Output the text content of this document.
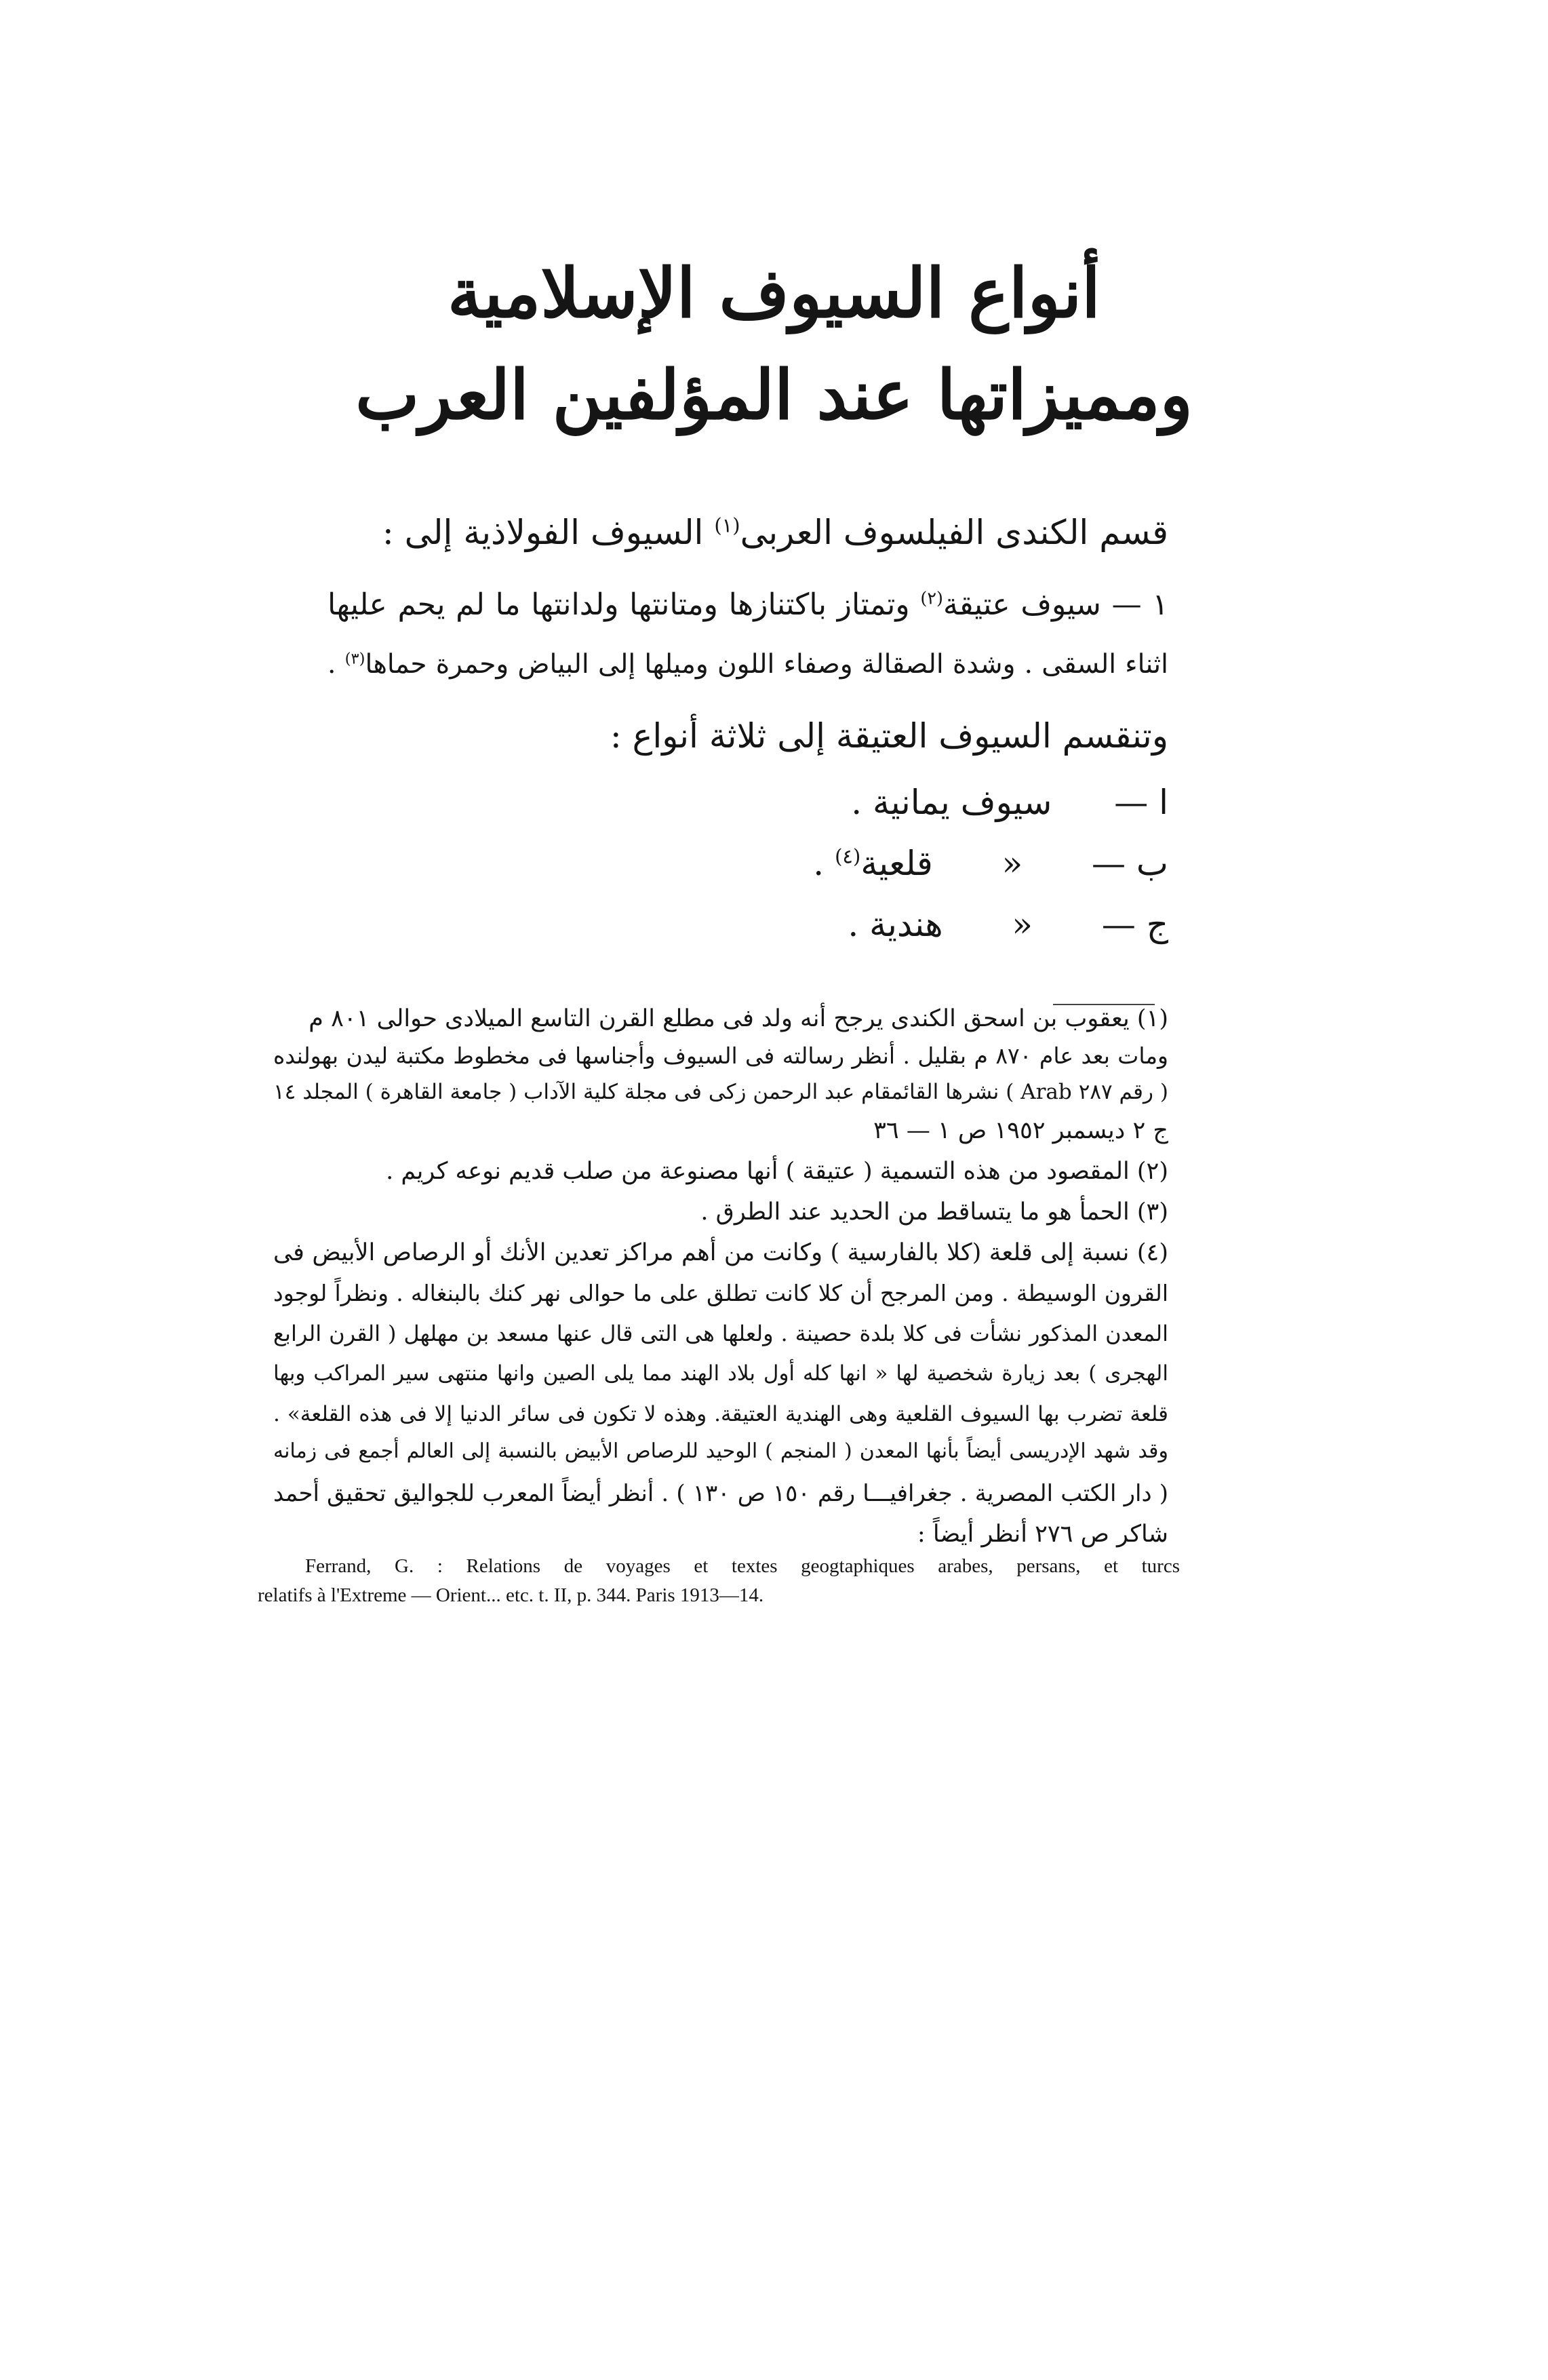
أنواع السيوف الإسلامية
ومميزاتها عند المؤلفين العرب
قسم الكندى الفيلسوف العربى$^{(١)}$ السيوف الفولاذية إلى :
١ — سيوف عتيقة$^{(٢)}$ وتمتاز باكتنازها ومتانتها ولدانتها ما لم يحم عليها
اثناء السقى . وشدة الصقالة وصفاء اللون وميلها إلى البياض وحمرة حماها$^{(٣)}$ .
وتنقسم السيوف العتيقة إلى ثلاثة أنواع :
ا —  سيوف يمانية .
ب —  «  قلعية$^{(٤)}$ .
ج —  «  هندية .
(١) يعقوب بن اسحق الكندى يرجح أنه ولد فى مطلع القرن التاسع الميلادى حوالى ٨٠١ م
ومات بعد عام ٨٧٠ م بقليل . أنظر رسالته فى السيوف وأجناسها فى مخطوط مكتبة ليدن بهولنده
( رقم ٢٨٧ Arab ) نشرها القائمقام عبد الرحمن زكى فى مجلة كلية الآداب ( جامعة القاهرة ) المجلد ١٤
ج ٢ ديسمبر ١٩٥٢ ص ١ — ٣٦
(٢) المقصود من هذه التسمية ( عتيقة ) أنها مصنوعة من صلب قديم نوعه كريم .
(٣) الحمأ هو ما يتساقط من الحديد عند الطرق .
(٤) نسبة إلى قلعة (كلا بالفارسية ) وكانت من أهم مراكز تعدين الأنك أو الرصاص الأبيض فى
القرون الوسيطة . ومن المرجح أن كلا كانت تطلق على ما حوالى نهر كنك بالبنغاله . ونظراً لوجود
المعدن المذكور نشأت فى كلا بلدة حصينة . ولعلها هى التى قال عنها مسعد بن مهلهل ( القرن الرابع
الهجرى ) بعد زيارة شخصية لها « انها كله أول بلاد الهند مما يلى الصين وانها منتهى سير المراكب وبها
قلعة تضرب بها السيوف القلعية وهى الهندية العتيقة. وهذه لا تكون فى سائر الدنيا إلا فى هذه القلعة» .
وقد شهد الإدريسى أيضاً بأنها المعدن ( المنجم ) الوحيد للرصاص الأبيض بالنسبة إلى العالم أجمع فى زمانه
( دار الكتب المصرية . جغرافيـــا رقم ١٥٠ ص ١٣٠ ) . أنظر أيضاً المعرب للجواليق تحقيق أحمد
شاكر ص ٢٧٦ أنظر أيضاً :
Ferrand, G. : Relations de voyages et textes geogtaphiques arabes, persans, et turcs
relatifs à l'Extreme — Orient... etc. t. II, p. 344. Paris 1913—14.
